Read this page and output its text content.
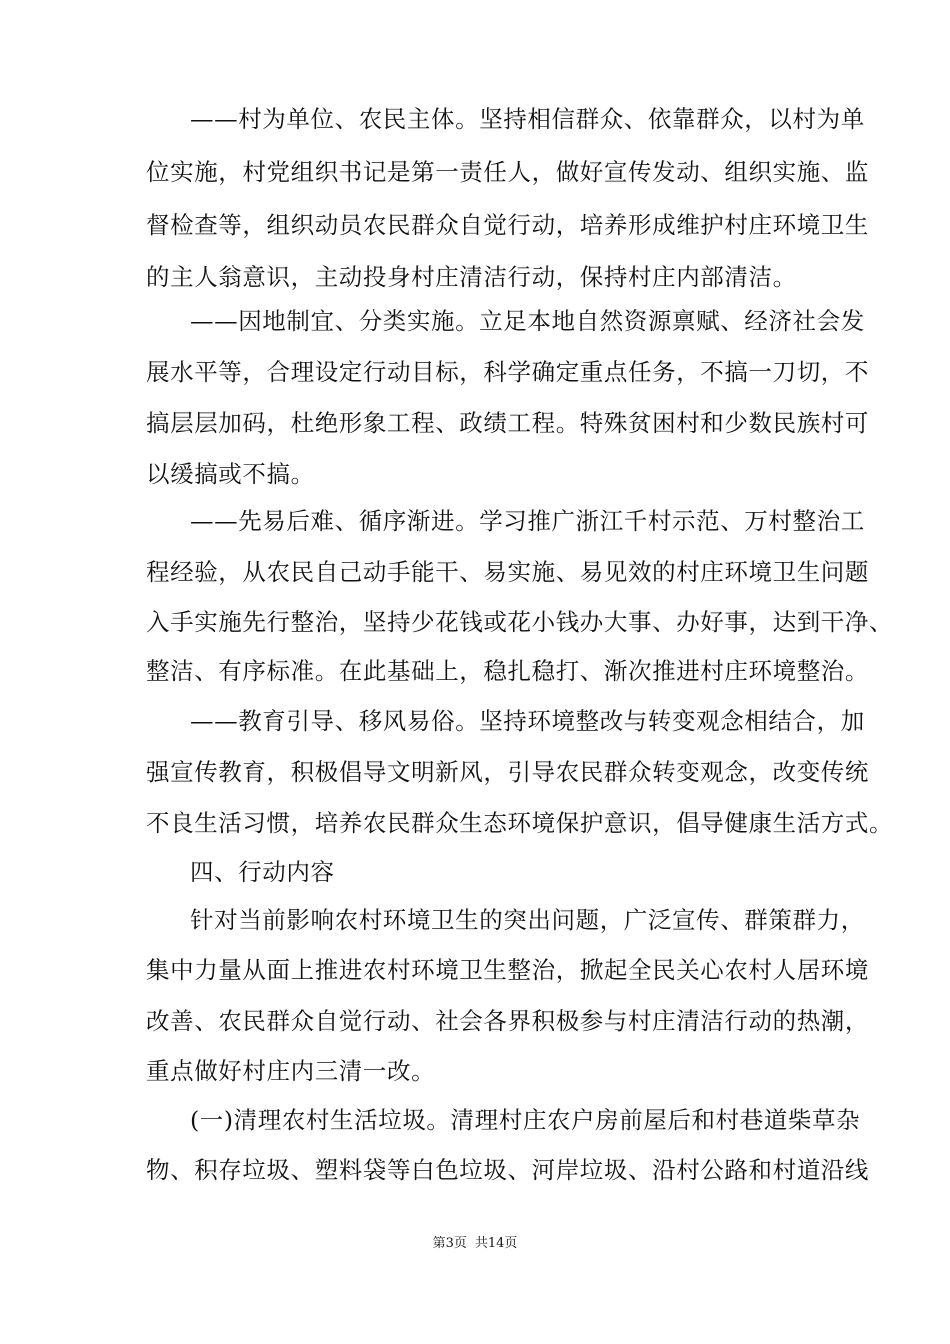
——村为单位、农民主体。坚持相信群众、依靠群众，以村为单
位实施，村党组织书记是第一责任人，做好宣传发动、组织实施、监
督检查等，组织动员农民群众自觉行动，培养形成维护村庄环境卫生
的主人翁意识，主动投身村庄清洁行动，保持村庄内部清洁。
——因地制宜、分类实施。立足本地自然资源禀赋、经济社会发
展水平等，合理设定行动目标，科学确定重点任务，不搞一刀切，不
搞层层加码，杜绝形象工程、政绩工程。特殊贫困村和少数民族村可
以缓搞或不搞。
——先易后难、循序渐进。学习推广浙江千村示范、万村整治工
程经验，从农民自己动手能干、易实施、易见效的村庄环境卫生问题
入手实施先行整治，坚持少花钱或花小钱办大事、办好事，达到干净、
整洁、有序标准。在此基础上，稳扎稳打、渐次推进村庄环境整治。
——教育引导、移风易俗。坚持环境整改与转变观念相结合，加
强宣传教育，积极倡导文明新风，引导农民群众转变观念，改变传统
不良生活习惯，培养农民群众生态环境保护意识，倡导健康生活方式。
四、行动内容
针对当前影响农村环境卫生的突出问题，广泛宣传、群策群力，
集中力量从面上推进农村环境卫生整治，掀起全民关心农村人居环境
改善、农民群众自觉行动、社会各界积极参与村庄清洁行动的热潮，
重点做好村庄内三清一改。
(一)清理农村生活垃圾。清理村庄农户房前屋后和村巷道柴草杂
物、积存垃圾、塑料袋等白色垃圾、河岸垃圾、沿村公路和村道沿线
第3页 共14页
